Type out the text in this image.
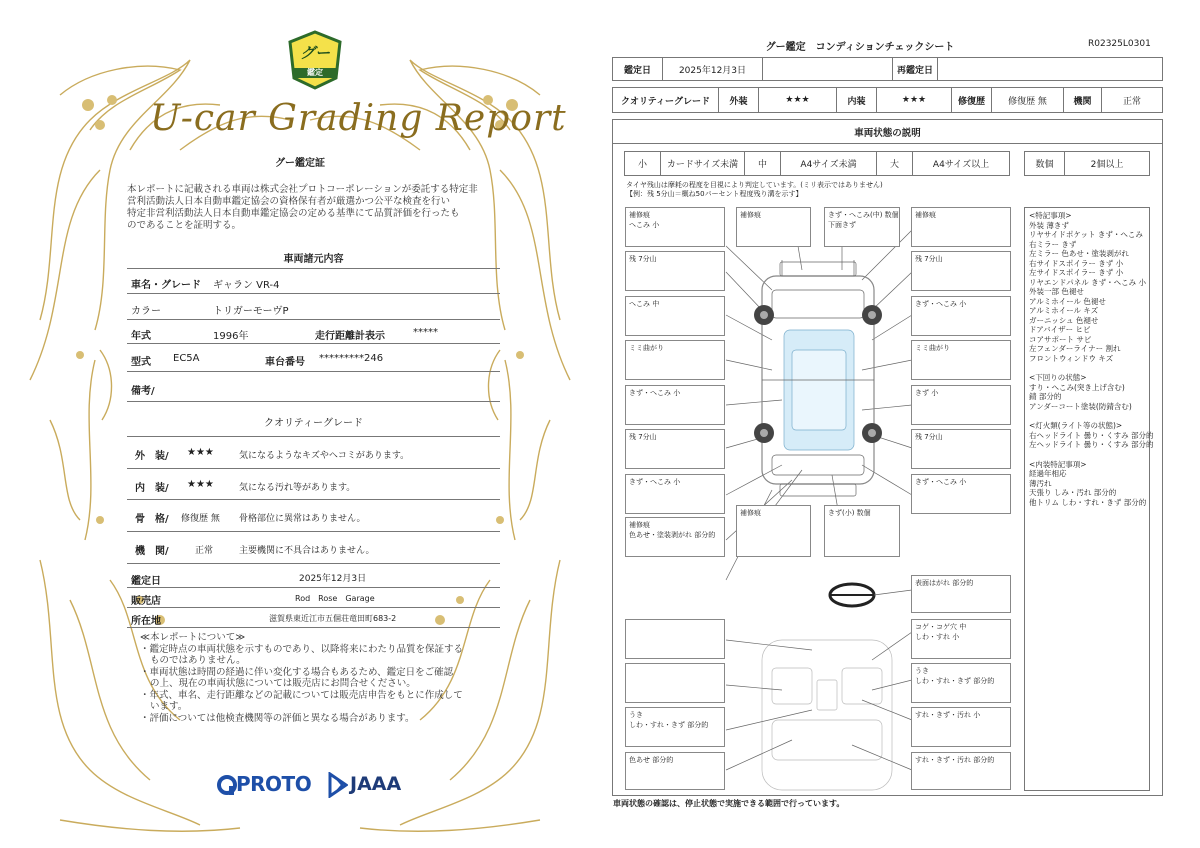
グー
鑑定
U-car Grading Report
グー鑑定証
本レポートに記載される車両は株式会社プロトコーポレーションが委託する特定非
営利活動法人日本自動車鑑定協会の資格保有者が厳選かつ公平な検査を行い
特定非営利活動法人日本自動車鑑定協会の定める基準にて品質評価を行ったも
のであることを証明する。
車両諸元内容
車名・グレード ギャラン VR-4
カラー	トリガーモーヴP
年式	1996年	走行距離計表示	*****
型式 EC5A	車台番号 *********246
備考/
クオリティーグレード
外　装/ ★★★	気になるようなキズやヘコミがあります。
内　装/ ★★★	気になる汚れ等があります。
骨　格/ 修復歴 無 骨格部位に異常はありません。
機　関/	正常	主要機関に不具合はありません。
鑑定日	2025年12月3日
販売店	Rod　Rose　Garage
所在地	滋賀県東近江市五個荘竜田町683-2
≪本レポートについて≫
・鑑定時点の車両状態を示すものであり、以降将来にわたり品質を保証する
ものではありません。
・車両状態は時間の経過に伴い変化する場合もあるため、鑑定日をご確認
の上、現在の車両状態については販売店にお問合せください。
・年式、車名、走行距離などの記載については販売店申告をもとに作成して
います。
・評価については他検査機関等の評価と異なる場合があります。
PROTO JAAA
グー鑑定　コンディションチェックシート	R02325L0301
鑑定日	2025年12月3日	再鑑定日
クオリティーグレード	外装	★★★	内装	★★★	修復歴	修復歴 無	機関	正常
車両状態の説明
小	カードサイズ未満	中	A4サイズ未満	大	A4サイズ以上	数個	2個以上
タイヤ残山は摩耗の程度を目視により判定しています。(ミリ表示ではありません)
【例：残 5分山＝概ね50パーセント程度残り溝を示す】
補修痕
へこみ 小
補修痕	きず・へこみ(中) 数個
下面きず
補修痕
残 7分山	残 7分山
へこみ 中	きず・へこみ 小
ミミ曲がり	ミミ曲がり
きず・へこみ 小	きず 小
残 7分山	残 7分山
きず・へこみ 小	きず・へこみ 小
補修痕
色あせ・塗装剥がれ 部分的
補修痕	きず(小) 数個
表面はがれ 部分的
コゲ・コゲ穴 中
しわ・すれ 小
うき
しわ・すれ・きず 部分的
うき
しわ・すれ・きず 部分的
すれ・きず・汚れ 小
色あせ 部分的	すれ・きず・汚れ 部分的
<特記事項>
外装 薄きず
リヤサイドポケット きず・へこみ
右ミラー きず
左ミラー 色あせ・塗装剥がれ
右サイドスポイラー きず 小
左サイドスポイラー きず 小
リヤエンドパネル きず・へこみ 小
外装一部 色褪せ
アルミホイール 色褪せ
アルミホイール キズ
ガーニッシュ 色褪せ
ドアバイザー ヒビ
コアサポート サビ
左フェンダーライナー 割れ
フロントウィンドウ キズ
<下回りの状態>
すり・へこみ(突き上げ含む)
錆 部分的
アンダーコート塗装(防錆含む)
<灯火類(ライト等の状態)>
右ヘッドライト 曇り・くすみ 部分的
左ヘッドライト 曇り・くすみ 部分的
<内装特記事項>
経過年相応
薄汚れ
天張り しみ・汚れ 部分的
他トリム しわ・すれ・きず 部分的
車両状態の確認は、停止状態で実施できる範囲で行っています。
